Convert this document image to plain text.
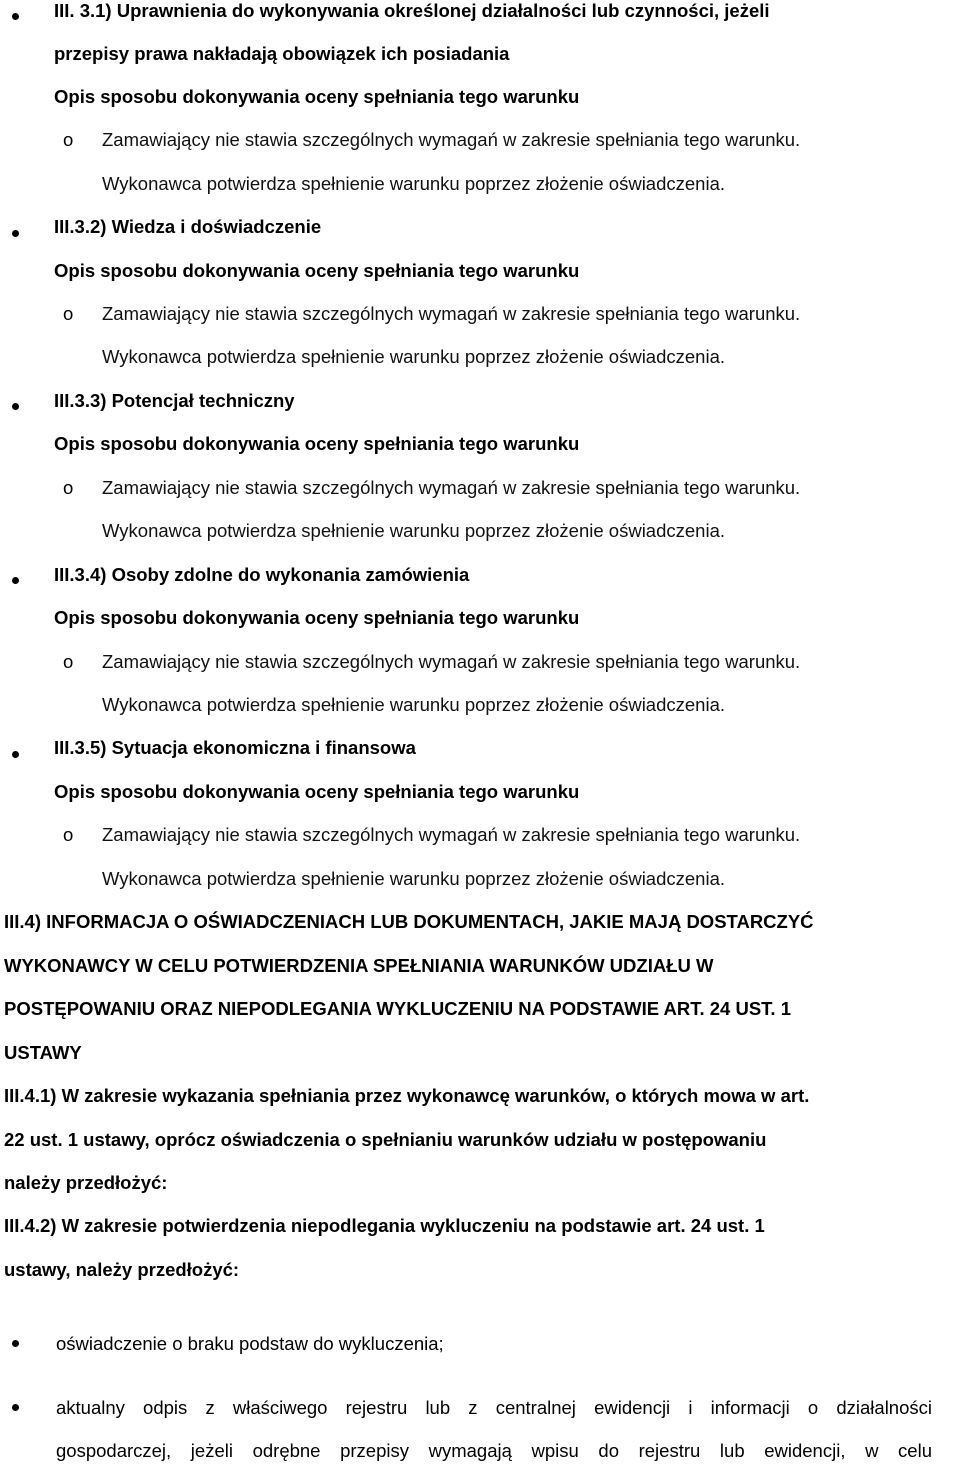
III. 3.1) Uprawnienia do wykonywania określonej działalności lub czynności, jeżeli
przepisy prawa nakładają obowiązek ich posiadania
Opis sposobu dokonywania oceny spełniania tego warunku
o Zamawiający nie stawia szczególnych wymagań w zakresie spełniania tego warunku.
Wykonawca potwierdza spełnienie warunku poprzez złożenie oświadczenia.
III.3.2) Wiedza i doświadczenie
Opis sposobu dokonywania oceny spełniania tego warunku
o Zamawiający nie stawia szczególnych wymagań w zakresie spełniania tego warunku.
Wykonawca potwierdza spełnienie warunku poprzez złożenie oświadczenia.
III.3.3) Potencjał techniczny
Opis sposobu dokonywania oceny spełniania tego warunku
o Zamawiający nie stawia szczególnych wymagań w zakresie spełniania tego warunku.
Wykonawca potwierdza spełnienie warunku poprzez złożenie oświadczenia.
III.3.4) Osoby zdolne do wykonania zamówienia
Opis sposobu dokonywania oceny spełniania tego warunku
o Zamawiający nie stawia szczególnych wymagań w zakresie spełniania tego warunku.
Wykonawca potwierdza spełnienie warunku poprzez złożenie oświadczenia.
III.3.5) Sytuacja ekonomiczna i finansowa
Opis sposobu dokonywania oceny spełniania tego warunku
o Zamawiający nie stawia szczególnych wymagań w zakresie spełniania tego warunku.
Wykonawca potwierdza spełnienie warunku poprzez złożenie oświadczenia.
III.4) INFORMACJA O OŚWIADCZENIACH LUB DOKUMENTACH, JAKIE MAJĄ DOSTARCZYĆ
WYKONAWCY W CELU POTWIERDZENIA SPEŁNIANIA WARUNKÓW UDZIAŁU W
POSTĘPOWANIU ORAZ NIEPODLEGANIA WYKLUCZENIU NA PODSTAWIE ART. 24 UST. 1
USTAWY
III.4.1) W zakresie wykazania spełniania przez wykonawcę warunków, o których mowa w art.
22 ust. 1 ustawy, oprócz oświadczenia o spełnianiu warunków udziału w postępowaniu
należy przedłożyć:
III.4.2) W zakresie potwierdzenia niepodlegania wykluczeniu na podstawie art. 24 ust. 1
ustawy, należy przedłożyć:
oświadczenie o braku podstaw do wykluczenia;
aktualny odpis z właściwego rejestru lub z centralnej ewidencji i informacji o działalności
gospodarczej, jeżeli odrębne przepisy wymagają wpisu do rejestru lub ewidencji, w celu
